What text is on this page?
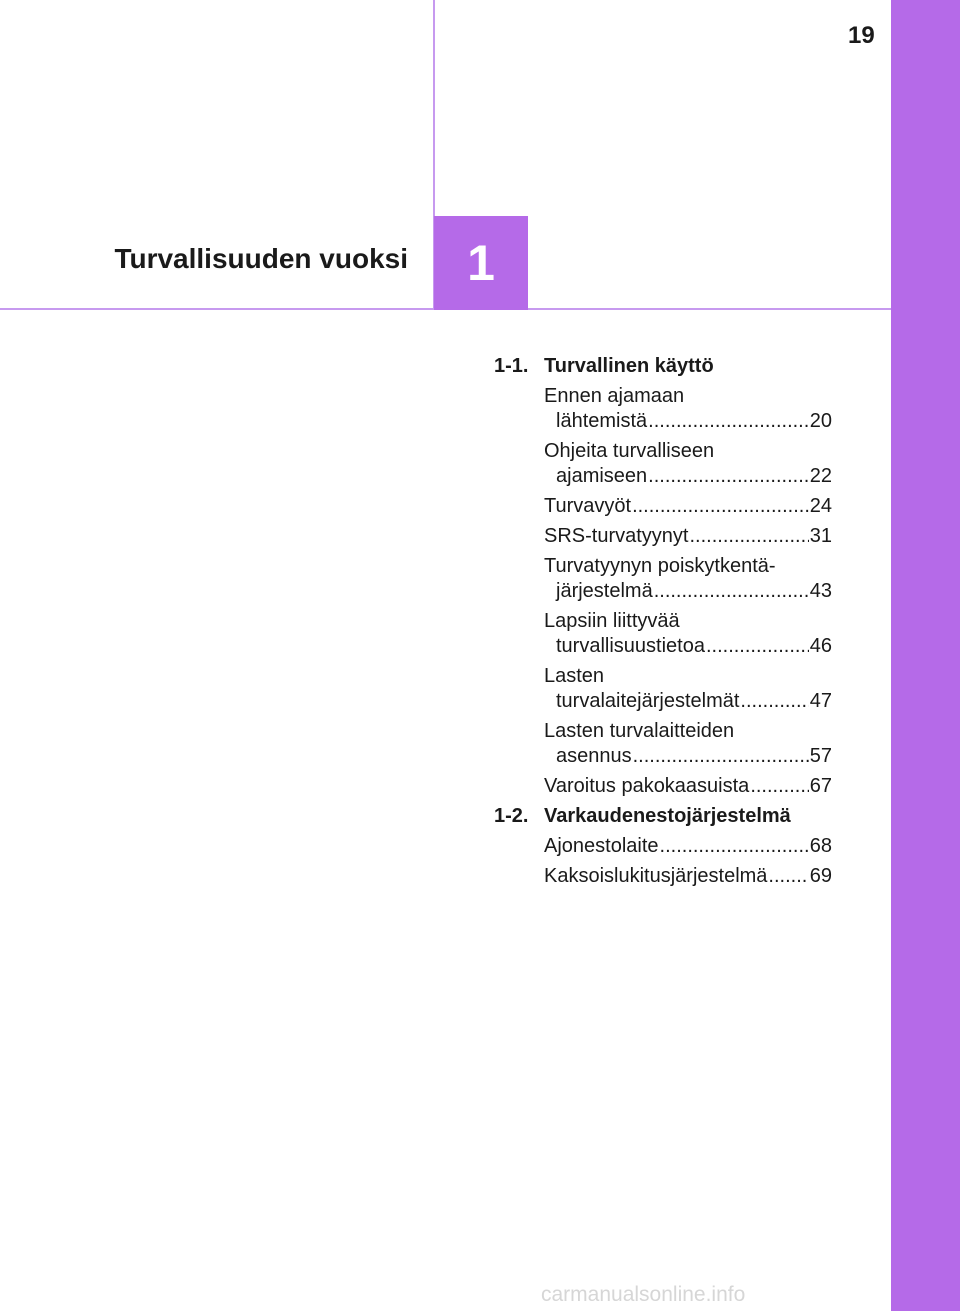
19
Turvallisuuden vuoksi 1
1-1. Turvallinen käyttö
Ennen ajamaan
lähtemistä .....	20
Ohjeita turvalliseen
ajamiseen .....	22
Turvavyöt .....	24
SRS-turvatyynyt .....	31
Turvatyynyn poiskytkentä-
järjestelmä .....	43
Lapsiin liittyvää
turvallisuustietoa .....	46
Lasten
turvalaitejärjestelmät .....	47
Lasten turvalaitteiden
asennus .....	57
Varoitus pakokaasuista .....	67
1-2. Varkaudenestojärjestelmä
Ajonestolaite .....	68
Kaksoislukitusjärjestelmä ..... 69
carmanualsonline.info
